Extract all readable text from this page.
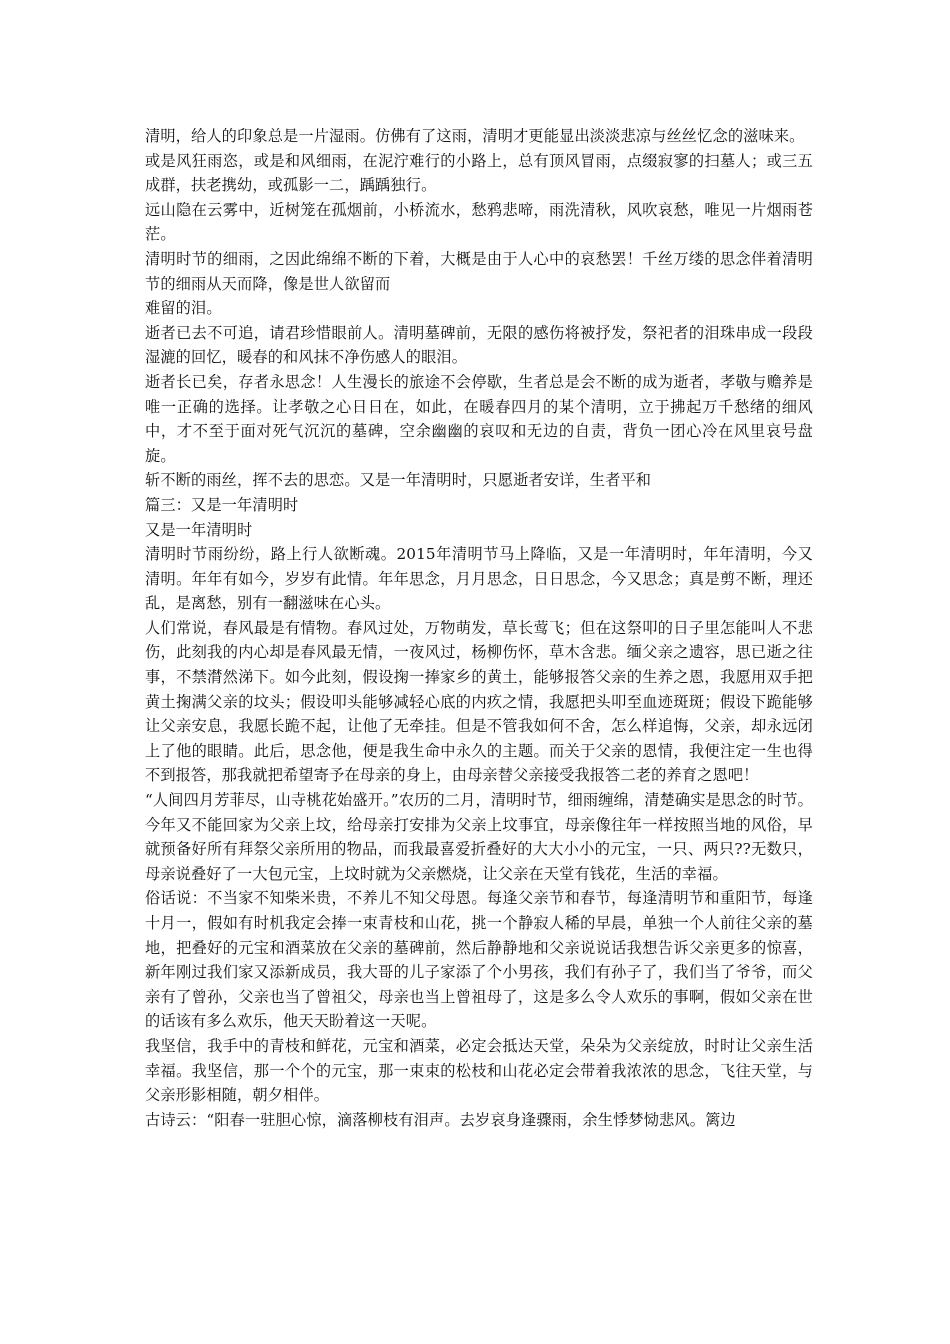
清明，给人的印象总是一片湿雨。仿佛有了这雨，清明才更能显出淡淡悲凉与丝丝忆念的滋味来。

或是风狂雨恣，或是和风细雨，在泥泞难行的小路上，总有顶风冒雨，点缀寂寥的扫墓人；或三五成群，扶老携幼，或孤影一二，踽踽独行。

远山隐在云雾中，近树笼在孤烟前，小桥流水，愁鸦悲啼，雨洗清秋，风吹哀愁，唯见一片烟雨苍茫。

清明时节的细雨，之因此绵绵不断的下着，大概是由于人心中的哀愁罢！千丝万缕的思念伴着清明节的细雨从天而降，像是世人欲留而

难留的泪。

逝者已去不可追，请君珍惜眼前人。清明墓碑前，无限的感伤将被抒发，祭祀者的泪珠串成一段段湿漉的回忆，暖春的和风抹不净伤感人的眼泪。

逝者长已矣，存者永思念！人生漫长的旅途不会停歇，生者总是会不断的成为逝者，孝敬与赡养是唯一正确的选择。让孝敬之心日日在，如此，在暖春四月的某个清明，立于拂起万千愁绪的细风中，才不至于面对死气沉沉的墓碑，空余幽幽的哀叹和无边的自责，背负一团心冷在风里哀号盘旋。

斩不断的雨丝，挥不去的思恋。又是一年清明时，只愿逝者安详，生者平和

篇三：又是一年清明时

又是一年清明时

清明时节雨纷纷，路上行人欲断魂。2015年清明节马上降临，又是一年清明时，年年清明，今又清明。年年有如今，岁岁有此情。年年思念，月月思念，日日思念，今又思念；真是剪不断，理还乱，是离愁，别有一翻滋味在心头。

人们常说，春风最是有情物。春风过处，万物萌发，草长莺飞；但在这祭叩的日子里怎能叫人不悲伤，此刻我的内心却是春风最无情，一夜风过，杨柳伤怀，草木含悲。缅父亲之遗容，思已逝之往事，不禁潸然涕下。如今此刻，假设掬一捧家乡的黄土，能够报答父亲的生养之恩，我愿用双手把黄土掬满父亲的坟头；假设叩头能够减轻心底的内疚之情，我愿把头叩至血迹斑斑；假设下跪能够让父亲安息，我愿长跪不起，让他了无牵挂。但是不管我如何不舍，怎么样追悔，父亲，却永远闭上了他的眼睛。此后，思念他，便是我生命中永久的主题。而关于父亲的恩情，我便注定一生也得不到报答，那我就把希望寄予在母亲的身上，由母亲替父亲接受我报答二老的养育之恩吧！

“人间四月芳菲尽，山寺桃花始盛开。”农历的二月，清明时节，细雨缠绵，清楚确实是思念的时节。今年又不能回家为父亲上坟，给母亲打安排为父亲上坟事宜，母亲像往年一样按照当地的风俗，早就预备好所有拜祭父亲所用的物品，而我最喜爱折叠好的大大小小的元宝，一只、两只??无数只，母亲说叠好了一大包元宝，上坟时就为父亲燃烧，让父亲在天堂有钱花，生活的幸福。

俗话说：不当家不知柴米贵，不养儿不知父母恩。每逢父亲节和春节，每逢清明节和重阳节，每逢十月一，假如有时机我定会捧一束青枝和山花，挑一个静寂人稀的早晨，单独一个人前往父亲的墓地，把叠好的元宝和酒菜放在父亲的墓碑前，然后静静地和父亲说说话我想告诉父亲更多的惊喜，新年刚过我们家又添新成员，我大哥的儿子家添了个小男孩，我们有孙子了，我们当了爷爷，而父亲有了曾孙，父亲也当了曾祖父，母亲也当上曾祖母了，这是多么令人欢乐的事啊，假如父亲在世的话该有多么欢乐，他天天盼着这一天呢。

我坚信，我手中的青枝和鲜花，元宝和酒菜，必定会抵达天堂，朵朵为父亲绽放，时时让父亲生活幸福。我坚信，那一个个的元宝，那一束束的松枝和山花必定会带着我浓浓的思念，飞往天堂，与父亲形影相随，朝夕相伴。

古诗云：“阳春一驻胆心惊，滴落柳枝有泪声。去岁哀身逢骤雨，余生悸梦恸悲风。篱边
